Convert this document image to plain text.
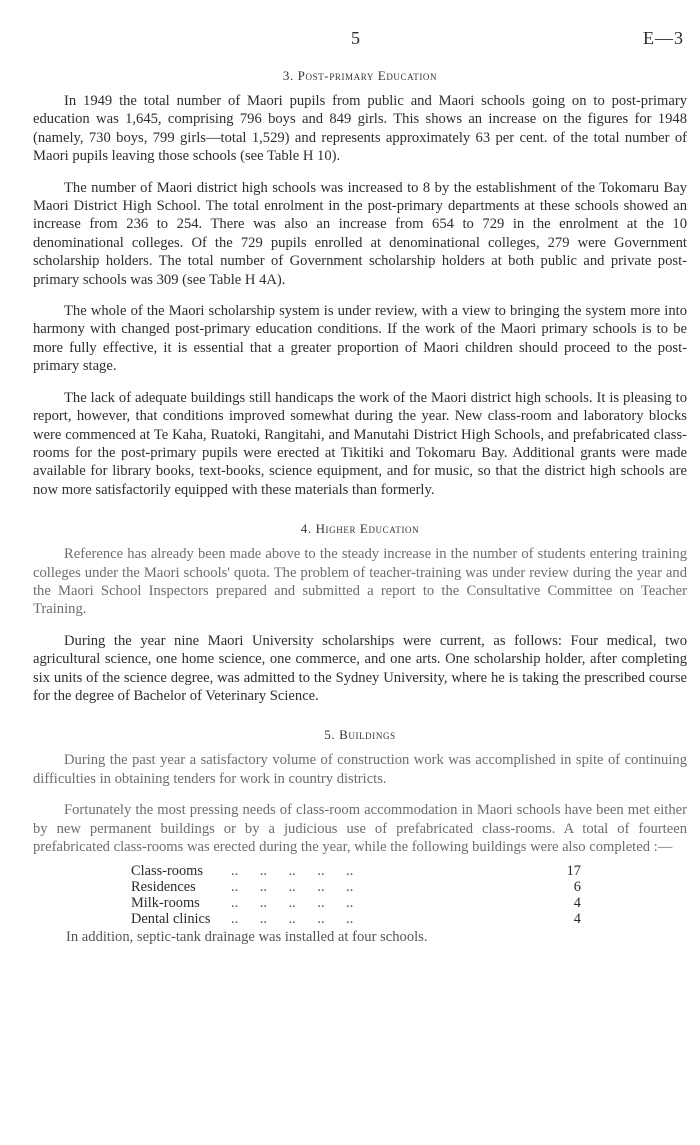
5	E—3
3. Post-primary Education

In 1949 the total number of Maori pupils from public and Maori schools going on to post-primary education was 1,645, comprising 796 boys and 849 girls. This shows an increase on the figures for 1948 (namely, 730 boys, 799 girls—total 1,529) and represents approximately 63 per cent. of the total number of Maori pupils leaving those schools (see Table H 10).

The number of Maori district high schools was increased to 8 by the establishment of the Tokomaru Bay Maori District High School. The total enrolment in the post-primary departments at these schools showed an increase from 236 to 254. There was also an increase from 654 to 729 in the enrolment at the 10 denominational colleges. Of the 729 pupils enrolled at denominational colleges, 279 were Government scholarship holders. The total number of Government scholarship holders at both public and private post-primary schools was 309 (see Table H 4A).

The whole of the Maori scholarship system is under review, with a view to bringing the system more into harmony with changed post-primary education conditions. If the work of the Maori primary schools is to be more fully effective, it is essential that a greater proportion of Maori children should proceed to the post-primary stage.

The lack of adequate buildings still handicaps the work of the Maori district high schools. It is pleasing to report, however, that conditions improved somewhat during the year. New class-room and laboratory blocks were commenced at Te Kaha, Ruatoki, Rangitahi, and Manutahi District High Schools, and prefabricated class-rooms for the post-primary pupils were erected at Tikitiki and Tokomaru Bay. Additional grants were made available for library books, text-books, science equipment, and for music, so that the district high schools are now more satisfactorily equipped with these materials than formerly.

4. Higher Education

Reference has already been made above to the steady increase in the number of students entering training colleges under the Maori schools' quota. The problem of teacher-training was under review during the year and the Maori School Inspectors prepared and submitted a report to the Consultative Committee on Teacher Training.

During the year nine Maori University scholarships were current, as follows: Four medical, two agricultural science, one home science, one commerce, and one arts. One scholarship holder, after completing six units of the science degree, was admitted to the Sydney University, where he is taking the prescribed course for the degree of Bachelor of Veterinary Science.

5. Buildings

During the past year a satisfactory volume of construction work was accomplished in spite of continuing difficulties in obtaining tenders for work in country districts.

Fortunately the most pressing needs of class-room accommodation in Maori schools have been met either by new permanent buildings or by a judicious use of prefabricated class-rooms. A total of fourteen prefabricated class-rooms was erected during the year, while the following buildings were also completed :—

Class-rooms	..      ..      ..      ..      ..	17
Residences	..      ..      ..      ..      ..	6
Milk-rooms	..      ..      ..      ..      ..	4
Dental clinics	..      ..      ..      ..      ..	4

In addition, septic-tank drainage was installed at four schools.
